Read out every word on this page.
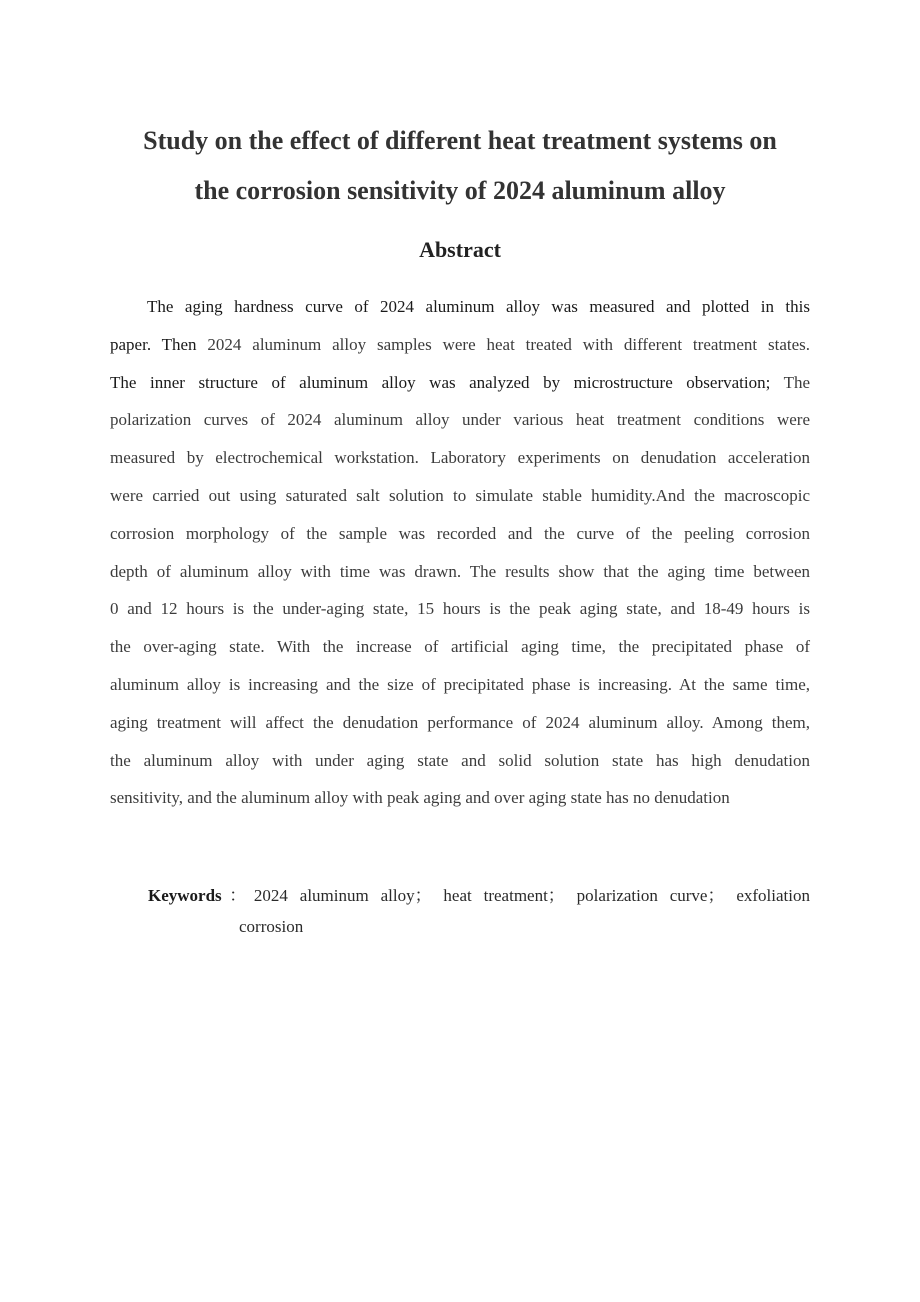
Study on the effect of different heat treatment systems on
the corrosion sensitivity of 2024 aluminum alloy
Abstract
The aging hardness curve of 2024 aluminum alloy was measured and plotted in this
paper. Then 2024 aluminum alloy samples were heat treated with different treatment states.
The inner structure of aluminum alloy was analyzed by microstructure observation; The
polarization curves of 2024 aluminum alloy under various heat treatment conditions were
measured by electrochemical workstation. Laboratory experiments on denudation acceleration
were carried out using saturated salt solution to simulate stable humidity.And the macroscopic
corrosion morphology of the sample was recorded and the curve of the peeling corrosion
depth of aluminum alloy with time was drawn. The results show that the aging time between
0 and 12 hours is the under-aging state, 15 hours is the peak aging state, and 18-49 hours is
the over-aging state. With the increase of artificial aging time, the precipitated phase of
aluminum alloy is increasing and the size of precipitated phase is increasing. At the same time,
aging treatment will affect the denudation performance of 2024 aluminum alloy. Among them,
the aluminum alloy with under aging state and solid solution state has high denudation
sensitivity, and the aluminum alloy with peak aging and over aging state has no denudation
Keywords：2024 aluminum alloy； heat treatment； polarization curve； exfoliation
corrosion
